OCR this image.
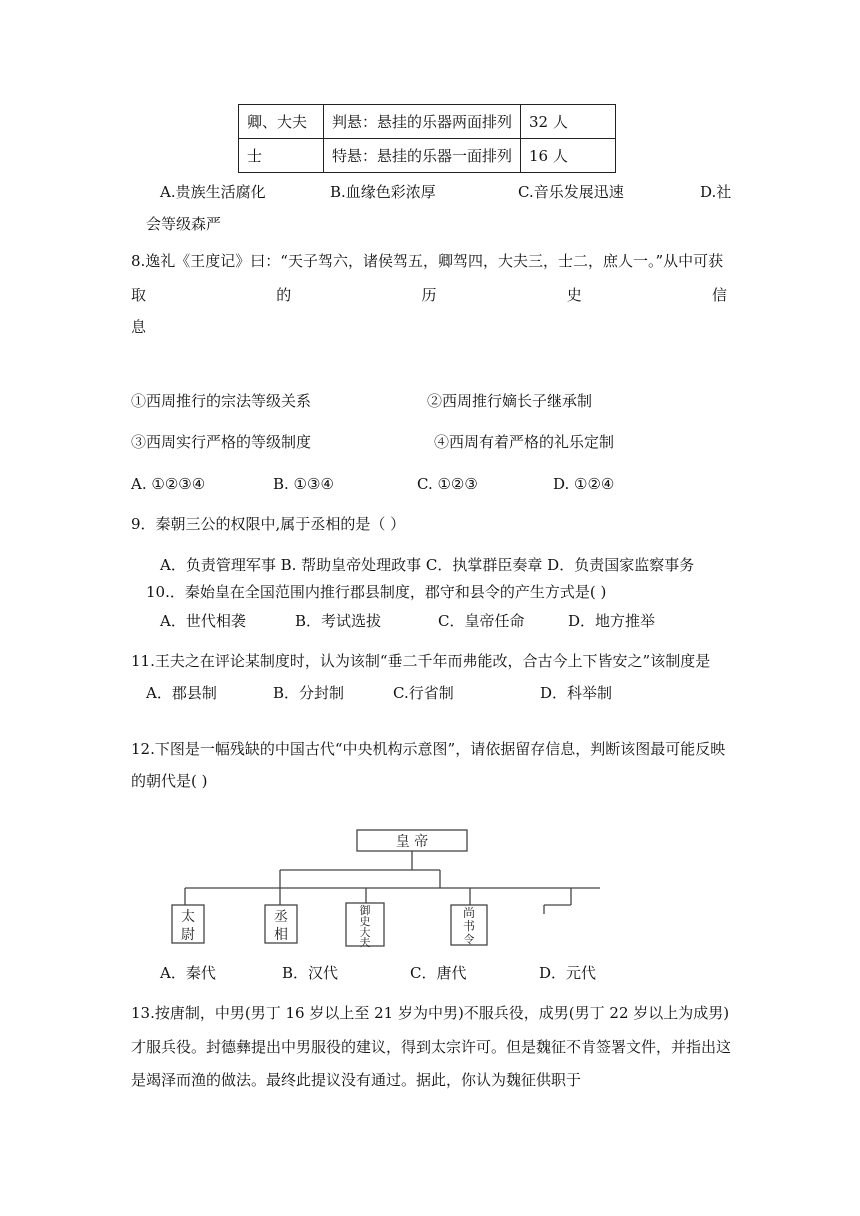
卿、大夫	判悬：悬挂的乐器两面排列	32 人
士	特悬：悬挂的乐器一面排列	16 人
A.贵族生活腐化	B.血缘色彩浓厚	C.音乐发展迅速	D.社
会等级森严
8.逸礼《王度记》曰：“天子驾六，诸侯驾五，卿驾四，大夫三，士二，庶人一。”从中可获
取	的	历	史	信
息
①西周推行的宗法等级关系	②西周推行嫡长子继承制
③西周实行严格的等级制度	④西周有着严格的礼乐定制
A. ①②③④	B. ①③④	C. ①②③	D. ①②④
9．秦朝三公的权限中,属于丞相的是（ ）
A．负责管理军事 B. 帮助皇帝处理政事 C．执掌群臣奏章 D．负责国家监察事务
10.．秦始皇在全国范围内推行郡县制度，郡守和县令的产生方式是( )
A．世代相袭	B．考试选拔	C．皇帝任命	D．地方推举
11.王夫之在评论某制度时，认为该制“垂二千年而弗能改，合古今上下皆安之”该制度是
A．郡县制	B．分封制	C.行省制	D．科举制
12.下图是一幅残缺的中国古代“中央机构示意图”，请依据留存信息，判断该图最可能反映
的朝代是( )
皇 帝
太
尉
丞
相
御
史
大
夫
尚
书
令
A．秦代	B．汉代	C．唐代	D．元代
13.按唐制，中男(男丁 16 岁以上至 21 岁为中男)不服兵役，成男(男丁 22 岁以上为成男)
才服兵役。封德彝提出中男服役的建议，得到太宗许可。但是魏征不肯签署文件，并指出这
是竭泽而渔的做法。最终此提议没有通过。据此，你认为魏征供职于
